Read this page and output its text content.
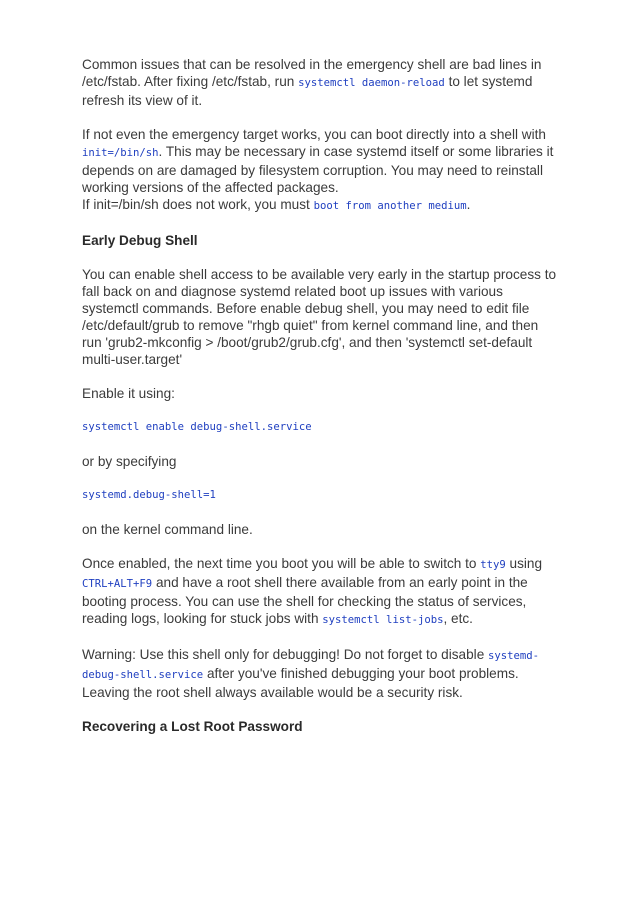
Common issues that can be resolved in the emergency shell are bad lines in /etc/fstab. After fixing /etc/fstab, run systemctl daemon-reload to let systemd refresh its view of it.

If not even the emergency target works, you can boot directly into a shell with init=/bin/sh. This may be necessary in case systemd itself or some libraries it depends on are damaged by filesystem corruption. You may need to reinstall working versions of the affected packages.
If init=/bin/sh does not work, you must boot from another medium.

Early Debug Shell

You can enable shell access to be available very early in the startup process to fall back on and diagnose systemd related boot up issues with various systemctl commands. Before enable debug shell, you may need to edit file /etc/default/grub to remove "rhgb quiet" from kernel command line, and then run 'grub2-mkconfig > /boot/grub2/grub.cfg', and then 'systemctl set-default multi-user.target'

Enable it using:

systemctl enable debug-shell.service

or by specifying

systemd.debug-shell=1

on the kernel command line.

Once enabled, the next time you boot you will be able to switch to tty9 using CTRL+ALT+F9 and have a root shell there available from an early point in the booting process. You can use the shell for checking the status of services, reading logs, looking for stuck jobs with systemctl list-jobs, etc.

Warning: Use this shell only for debugging! Do not forget to disable systemd-debug-shell.service after you've finished debugging your boot problems. Leaving the root shell always available would be a security risk.

Recovering a Lost Root Password
